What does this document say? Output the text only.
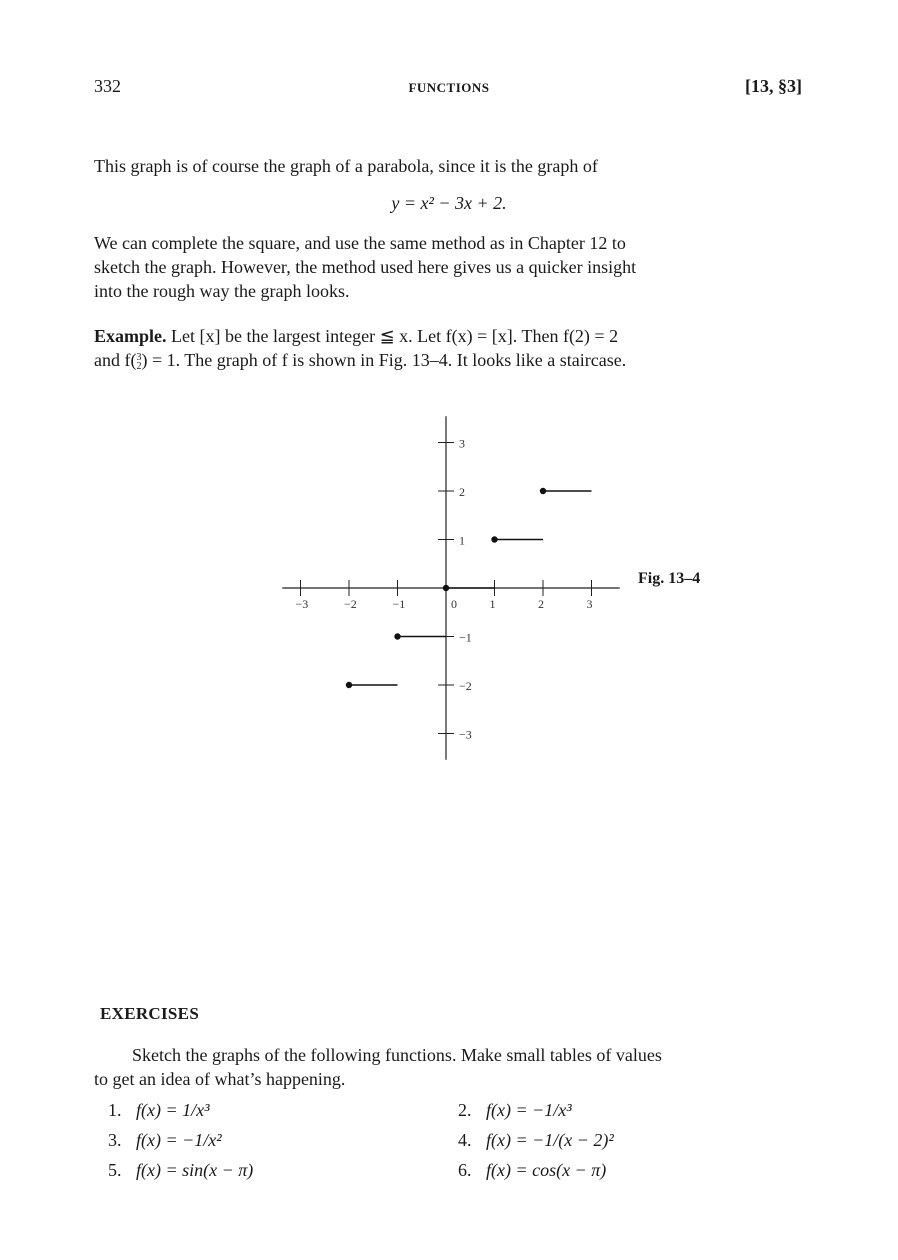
332	FUNCTIONS	[13, §3]
This graph is of course the graph of a parabola, since it is the graph of
y = x² − 3x + 2.
We can complete the square, and use the same method as in Chapter 12 to
sketch the graph. However, the method used here gives us a quicker insight
into the rough way the graph looks.
Example. Let [x] be the largest integer ≦ x. Let f(x) = [x]. Then f(2) = 2
and f(3
2) = 1. The graph of f is shown in Fig. 13–4. It looks like a staircase.
−3	−2	−1	0	1	2	3
3
2
1
−1
−2
−3
Fig. 13–4
EXERCISES
Sketch the graphs of the following functions. Make small tables of values
to get an idea of what’s happening.
1. f(x) = 1/x³	2. f(x) = −1/x³
3. f(x) = −1/x²	4. f(x) = −1/(x − 2)²
5. f(x) = sin(x − π)	6. f(x) = cos(x − π)
